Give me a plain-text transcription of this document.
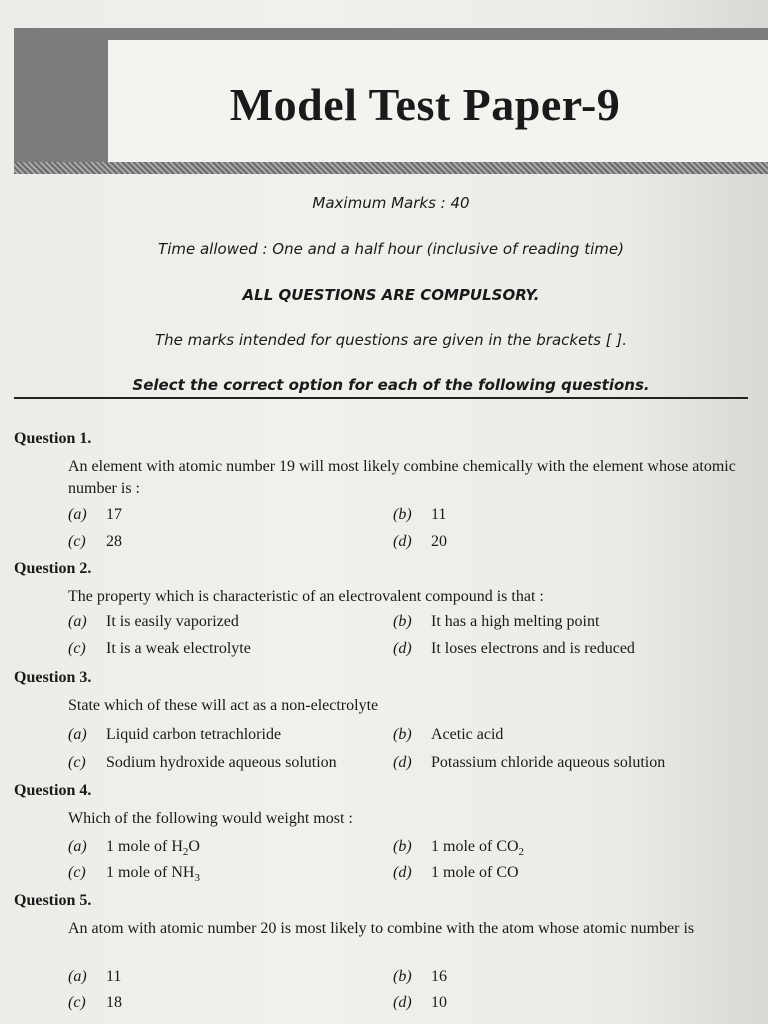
Model Test Paper-9

Maximum Marks : 40

Time allowed : One and a half hour (inclusive of reading time)

ALL QUESTIONS ARE COMPULSORY.

The marks intended for questions are given in the brackets [ ].

Select the correct option for each of the following questions.

Question 1.

An element with atomic number 19 will most likely combine chemically with the element whose atomic number is :

(a) 17	(b) 11
(c) 28	(d) 20

Question 2.

The property which is characteristic of an electrovalent compound is that :

(a) It is easily vaporized	(b) It has a high melting point
(c) It is a weak electrolyte	(d) It loses electrons and is reduced

Question 3.

State which of these will act as a non-electrolyte

(a) Liquid carbon tetrachloride	(b) Acetic acid
(c) Sodium hydroxide aqueous solution	(d) Potassium chloride aqueous solution

Question 4.

Which of the following would weight most :

(a) 1 mole of $H_2O$	(b) 1 mole of $CO_2$
(c) 1 mole of $NH_3$	(d) 1 mole of CO

Question 5.

An atom with atomic number 20 is most likely to combine with the atom whose atomic number is

(a) 11	(b) 16
(c) 18	(d) 10
